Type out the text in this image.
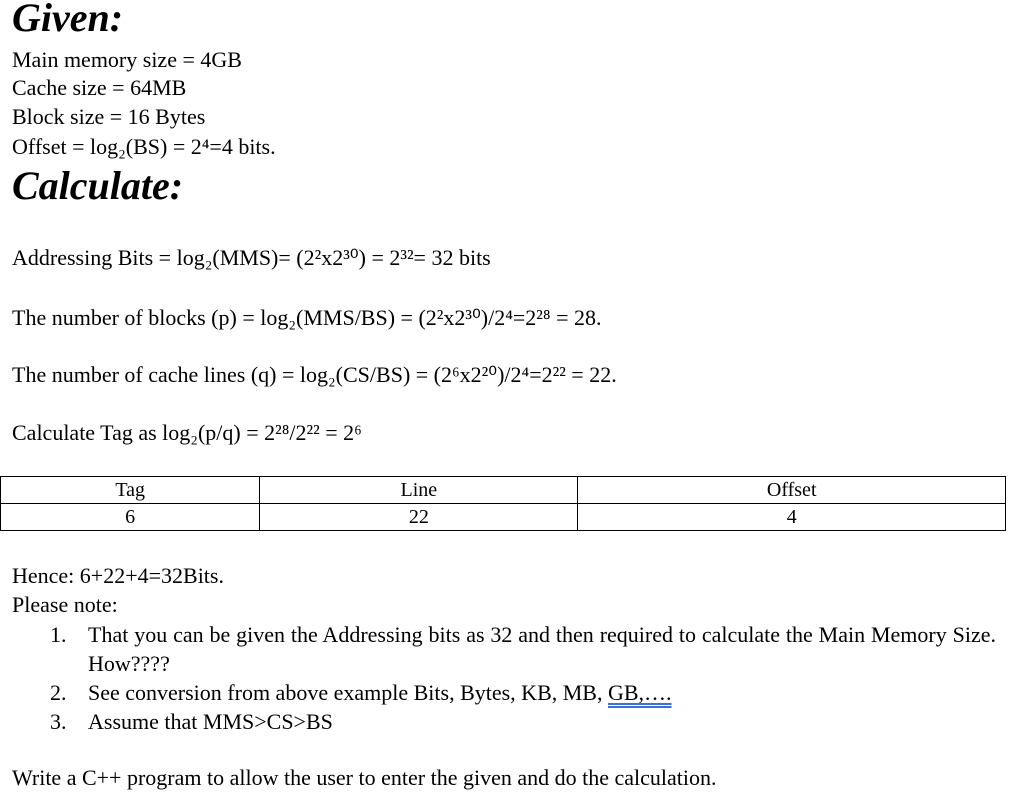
Given:
Main memory size = 4GB
Cache size = 64MB
Block size = 16 Bytes
Offset = log₂(BS) = 2⁴=4 bits.
Calculate:
Addressing Bits = log₂(MMS)= (2²x2³⁰) = 2³²= 32 bits
The number of blocks (p) = log₂(MMS/BS) = (2²x2³⁰)/2⁴=2²⁸ = 28.
The number of cache lines (q) = log₂(CS/BS) = (2⁶x2²⁰)/2⁴=2²² = 22.
Calculate Tag as log₂(p/q) = 2²⁸/2²² = 2⁶
Tag	Line	Offset
6	22	4
Hence: 6+22+4=32Bits.
Please note:
1. That you can be given the Addressing bits as 32 and then required to calculate the Main Memory Size. How????
2. See conversion from above example Bits, Bytes, KB, MB, GB,….
3. Assume that MMS>CS>BS
Write a C++ program to allow the user to enter the given and do the calculation.
